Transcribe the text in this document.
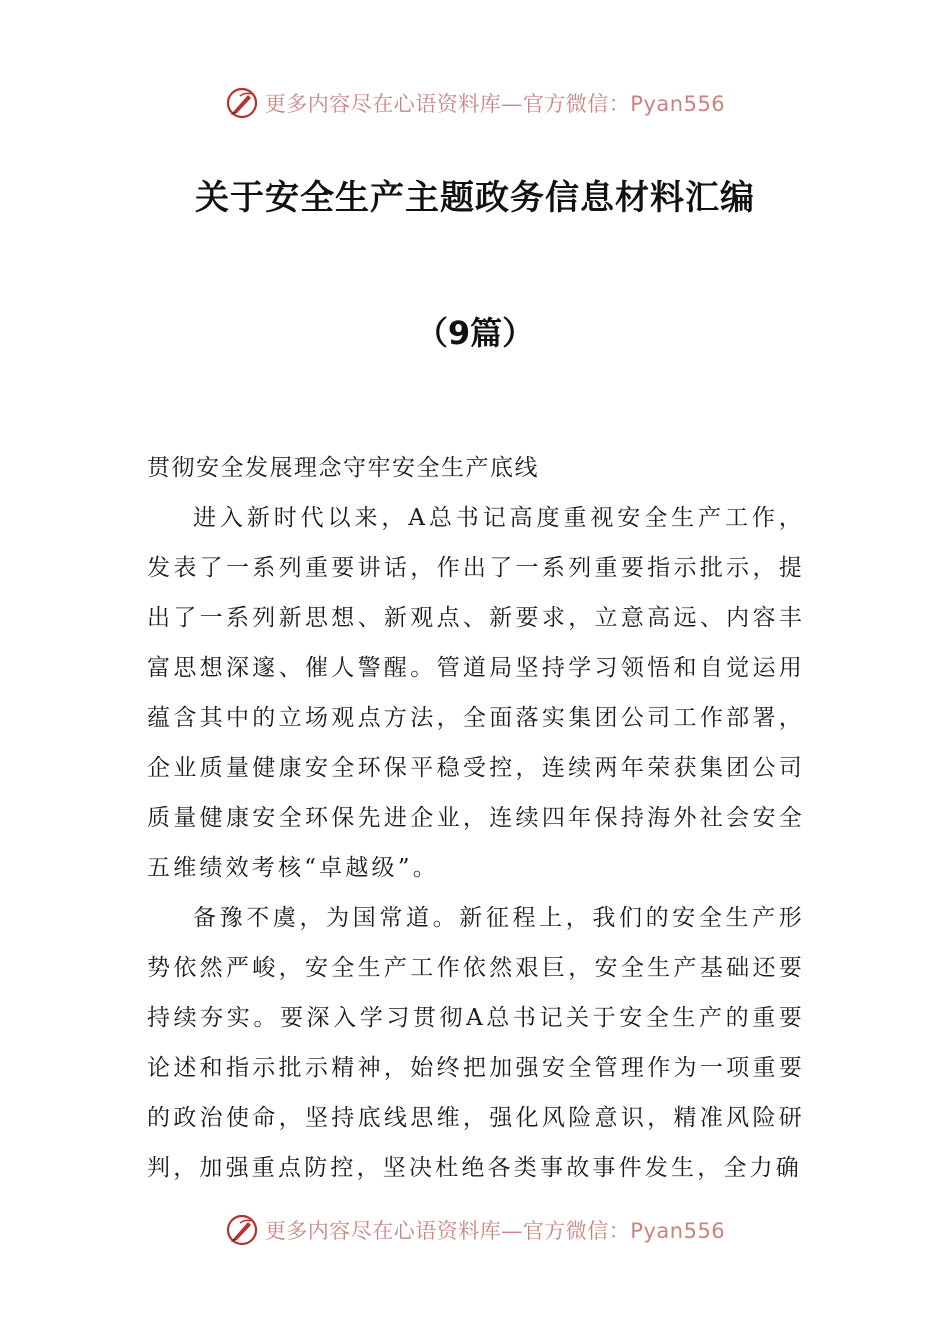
更多内容尽在心语资料库—官方微信：Pyan556
关于安全生产主题政务信息材料汇编
（9篇）

贯彻安全发展理念守牢安全生产底线

进入新时代以来，A总书记高度重视安全生产工作，发表了一系列重要讲话，作出了一系列重要指示批示，提出了一系列新思想、新观点、新要求，立意高远、内容丰富思想深邃、催人警醒。管道局坚持学习领悟和自觉运用蕴含其中的立场观点方法，全面落实集团公司工作部署，企业质量健康安全环保平稳受控，连续两年荣获集团公司质量健康安全环保先进企业，连续四年保持海外社会安全五维绩效考核“卓越级”。

备豫不虞，为国常道。新征程上，我们的安全生产形势依然严峻，安全生产工作依然艰巨，安全生产基础还要持续夯实。要深入学习贯彻A总书记关于安全生产的重要论述和指示批示精神，始终把加强安全管理作为一项重要的政治使命，坚持底线思维，强化风险意识，精准风险研判，加强重点防控，坚决杜绝各类事故事件发生，全力确

更多内容尽在心语资料库—官方微信：Pyan556
